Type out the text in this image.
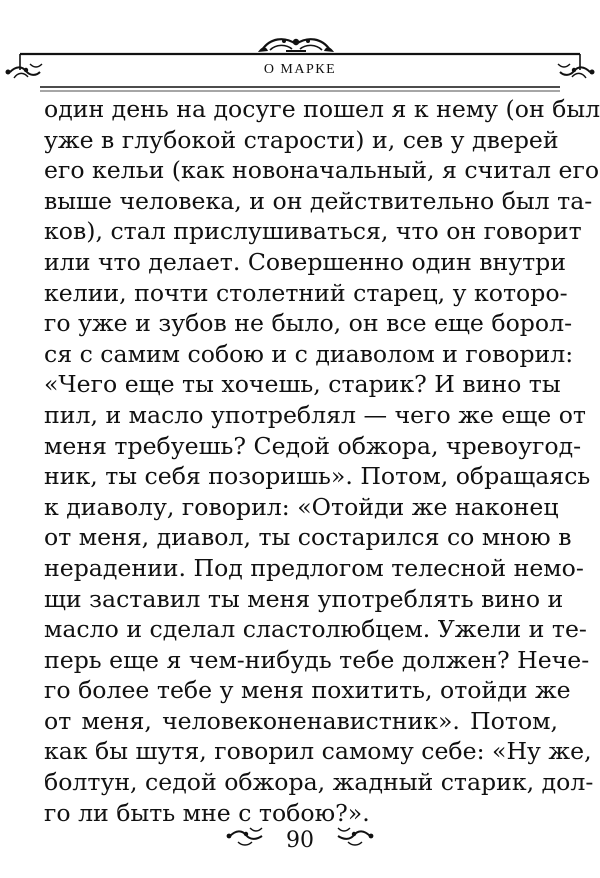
О МАРКЕ
один день на досуге пошел я к нему (он был
уже в глубокой старости) и, сев у дверей
его кельи (как новоначальный, я считал его
выше человека, и он действительно был та-
ков), стал прислушиваться, что он говорит
или что делает. Совершенно один внутри
келии, почти столетний старец, у которо-
го уже и зубов не было, он все еще борол-
ся с самим собою и с диаволом и говорил:
«Чего еще ты хочешь, старик? И вино ты
пил, и масло употреблял — чего же еще от
меня требуешь? Седой обжора, чревоугод-
ник, ты себя позоришь». Потом, обращаясь
к диаволу, говорил: «Отойди же наконец
от меня, диавол, ты состарился со мною в
нерадении. Под предлогом телесной немо-
щи заставил ты меня употреблять вино и
масло и сделал сластолюбцем. Ужели и те-
перь еще я чем-нибудь тебе должен? Нече-
го более тебе у меня похитить, отойди же
от меня, человеконенавистник». Потом,
как бы шутя, говорил самому себе: «Ну же,
болтун, седой обжора, жадный старик, дол-
го ли быть мне с тобою?».
90
